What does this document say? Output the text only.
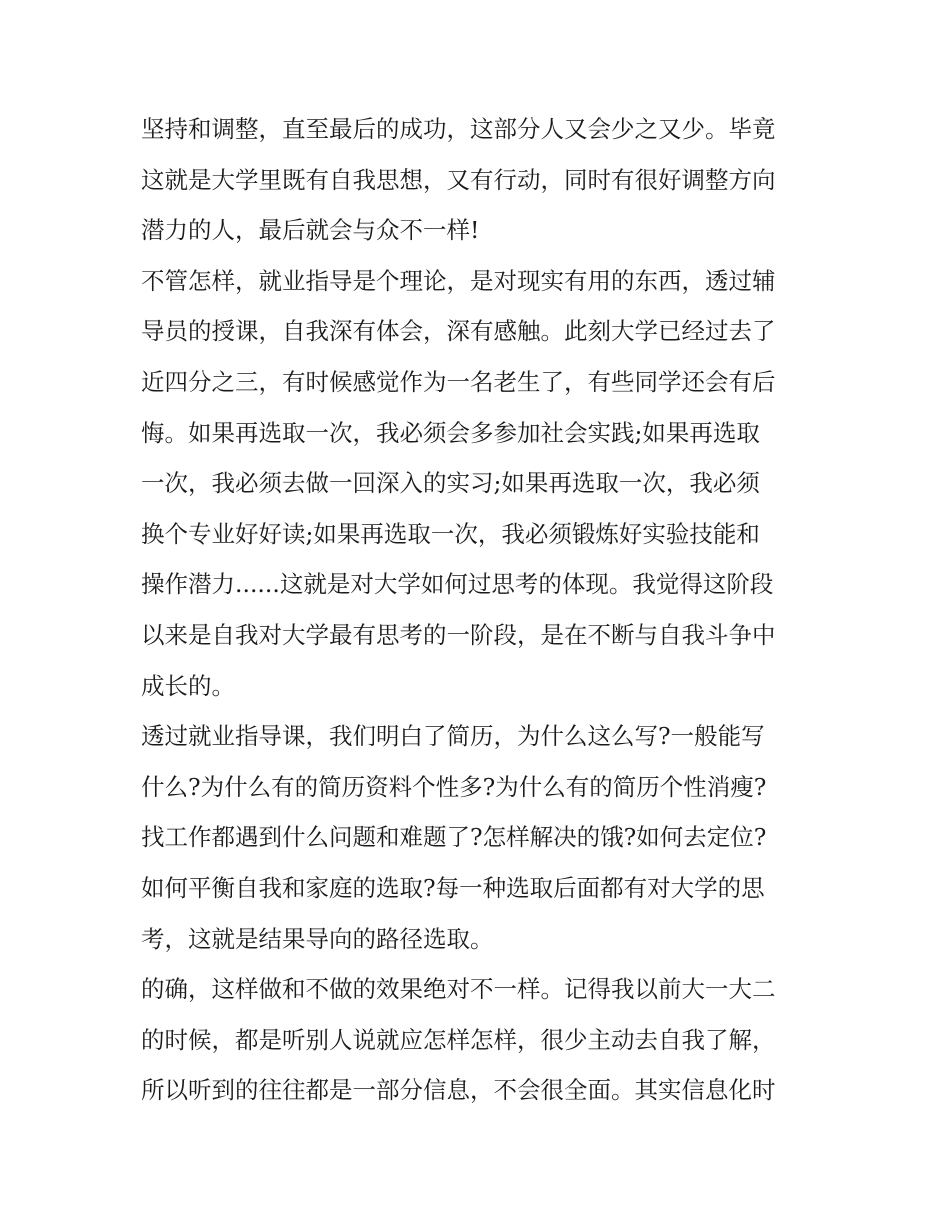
坚持和调整，直至最后的成功，这部分人又会少之又少。毕竟
这就是大学里既有自我思想，又有行动，同时有很好调整方向
潜力的人，最后就会与众不一样!
不管怎样，就业指导是个理论，是对现实有用的东西，透过辅
导员的授课，自我深有体会，深有感触。此刻大学已经过去了
近四分之三，有时候感觉作为一名老生了，有些同学还会有后
悔。如果再选取一次，我必须会多参加社会实践;如果再选取
一次，我必须去做一回深入的实习;如果再选取一次，我必须
换个专业好好读;如果再选取一次，我必须锻炼好实验技能和
操作潜力......这就是对大学如何过思考的体现。我觉得这阶段
以来是自我对大学最有思考的一阶段，是在不断与自我斗争中
成长的。
透过就业指导课，我们明白了简历，为什么这么写?一般能写
什么?为什么有的简历资料个性多?为什么有的简历个性消瘦?
找工作都遇到什么问题和难题了?怎样解决的饿?如何去定位?
如何平衡自我和家庭的选取?每一种选取后面都有对大学的思
考，这就是结果导向的路径选取。
的确，这样做和不做的效果绝对不一样。记得我以前大一大二
的时候，都是听别人说就应怎样怎样，很少主动去自我了解，
所以听到的往往都是一部分信息，不会很全面。其实信息化时
